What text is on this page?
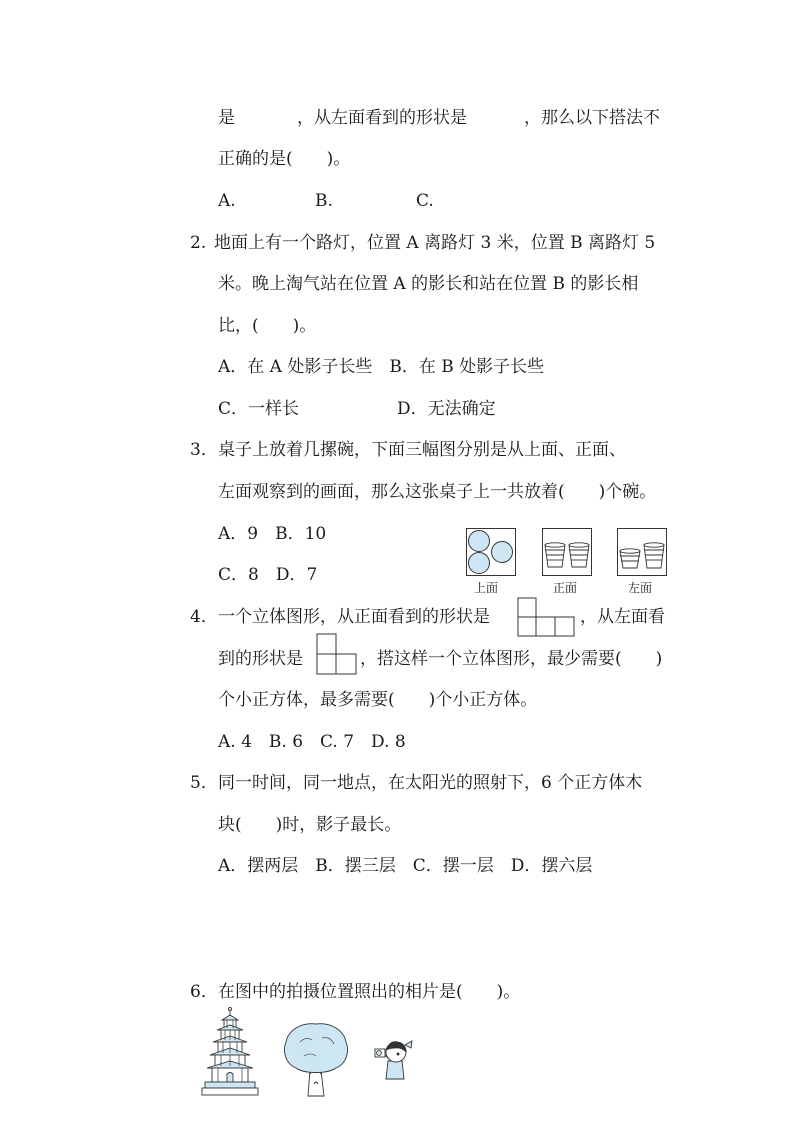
是	，从左面看到的形状是	，那么以下搭法不
正确的是(　　)。
A.	B.	C.
2. 地面上有一个路灯，位置 A 离路灯 3 米，位置 B 离路灯 5
米。晚上淘气站在位置 A 的影长和站在位置 B 的影长相
比，(　　)。
A．在 A 处影子长些　B．在 B 处影子长些
C．一样长	D．无法确定
3． 桌子上放着几摞碗，下面三幅图分别是从上面、正面、
左面观察到的画面，那么这张桌子上一共放着(　　)个碗。
A．9　B．10
C．8　D．7
上面	正面	左面
4． 一个立体图形，从正面看到的形状是	，从左面看
到的形状是	，搭这样一个立体图形，最少需要(　　)
个小正方体，最多需要(　　)个小正方体。
A. 4　B. 6　C. 7　D. 8
5． 同一时间，同一地点，在太阳光的照射下，6 个正方体木
块(　　)时，影子最长。
A．摆两层　B．摆三层　C．摆一层　D．摆六层
6． 在图中的拍摄位置照出的相片是(　　)。
